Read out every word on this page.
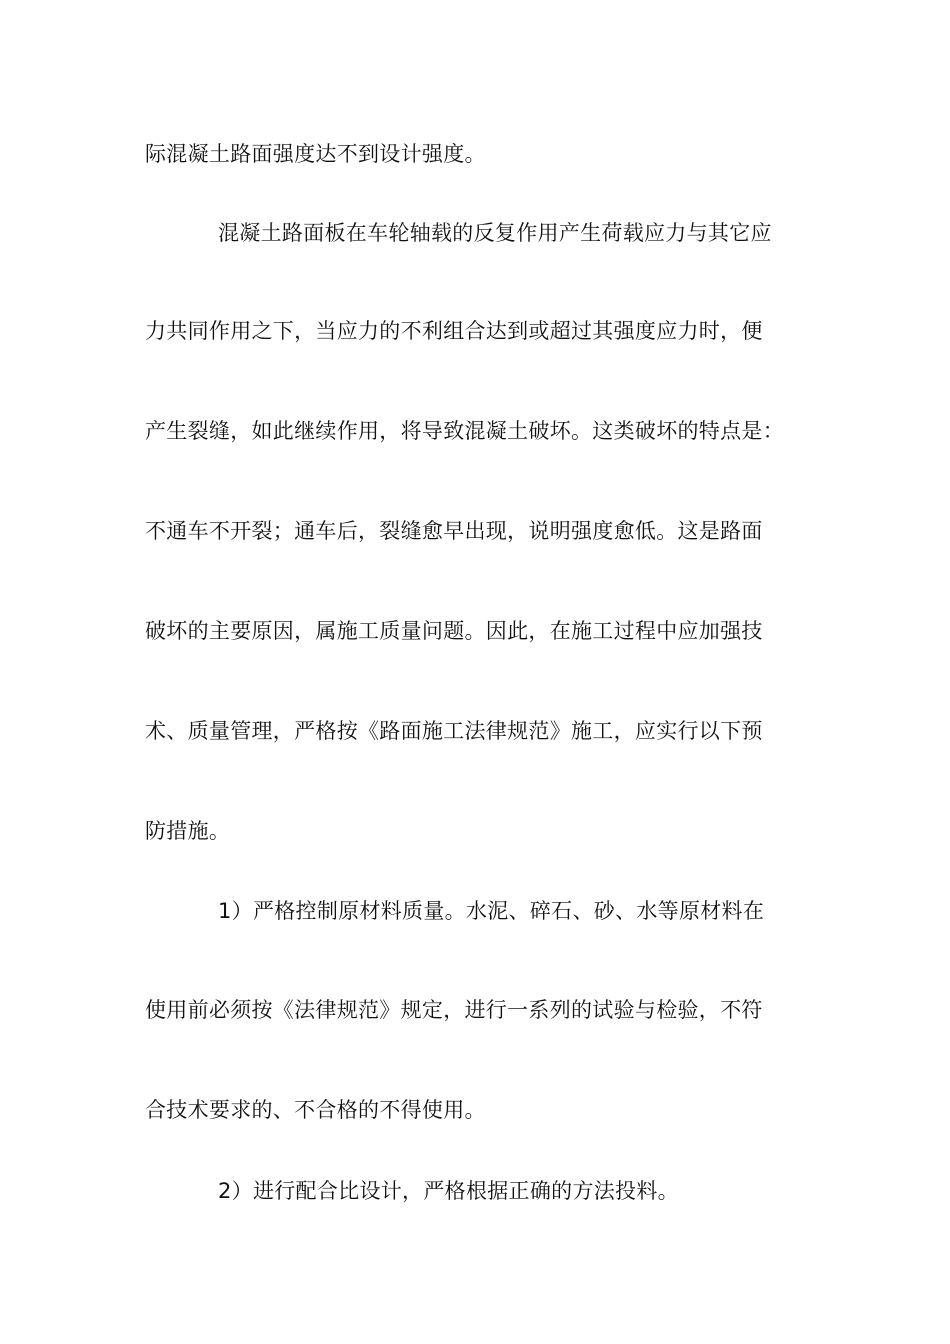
际混凝土路面强度达不到设计强度。
混凝土路面板在车轮轴载的反复作用产生荷载应力与其它应
力共同作用之下，当应力的不利组合达到或超过其强度应力时，便
产生裂缝，如此继续作用，将导致混凝土破坏。这类破坏的特点是：
不通车不开裂；通车后，裂缝愈早出现，说明强度愈低。这是路面
破坏的主要原因，属施工质量问题。因此，在施工过程中应加强技
术、质量管理，严格按《路面施工法律规范》施工，应实行以下预
防措施。
1）严格控制原材料质量。水泥、碎石、砂、水等原材料在
使用前必须按《法律规范》规定，进行一系列的试验与检验，不符
合技术要求的、不合格的不得使用。
2）进行配合比设计，严格根据正确的方法投料。
